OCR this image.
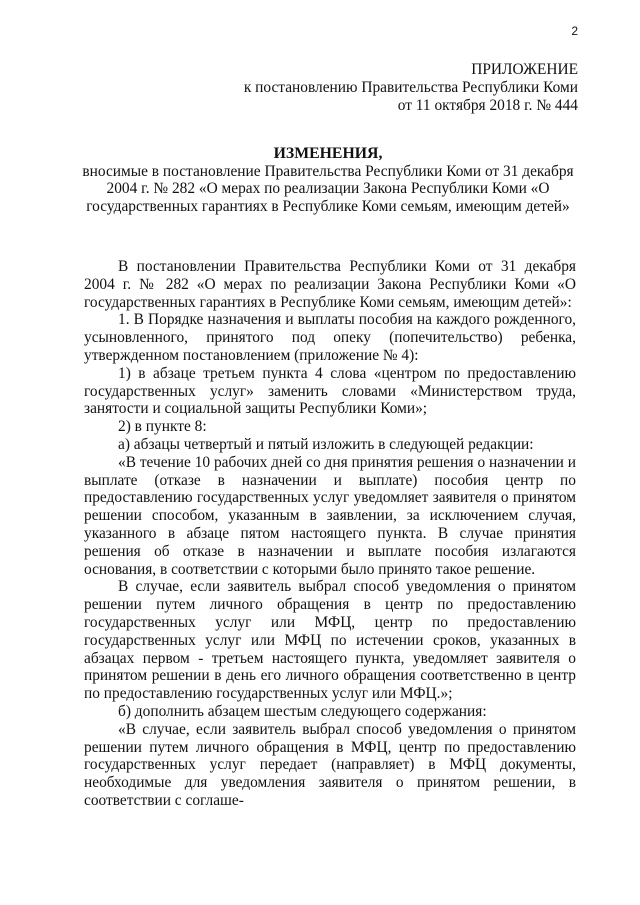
2
ПРИЛОЖЕНИЕ
к постановлению Правительства Республики Коми
от 11 октября 2018 г. № 444
ИЗМЕНЕНИЯ,
вносимые в постановление Правительства Республики Коми от 31 декабря 2004 г. № 282 «О мерах по реализации Закона Республики Коми «О государственных гарантиях в Республике Коми семьям, имеющим детей»

В постановлении Правительства Республики Коми от 31 декабря 2004 г. № 282 «О мерах по реализации Закона Республики Коми «О государственных гарантиях в Республике Коми семьям, имеющим детей»:

1. В Порядке назначения и выплаты пособия на каждого рожденного, усыновленного, принятого под опеку (попечительство) ребенка, утвержденном постановлением (приложение № 4):

1) в абзаце третьем пункта 4 слова «центром по предоставлению государственных услуг» заменить словами «Министерством труда, занятости и социальной защиты Республики Коми»;

2) в пункте 8:

а) абзацы четвертый и пятый изложить в следующей редакции:

«В течение 10 рабочих дней со дня принятия решения о назначении и выплате (отказе в назначении и выплате) пособия центр по предоставлению государственных услуг уведомляет заявителя о принятом решении способом, указанным в заявлении, за исключением случая, указанного в абзаце пятом настоящего пункта. В случае принятия решения об отказе в назначении и выплате пособия излагаются основания, в соответствии с которыми было принято такое решение.

В случае, если заявитель выбрал способ уведомления о принятом решении путем личного обращения в центр по предоставлению государственных услуг или МФЦ, центр по предоставлению государственных услуг или МФЦ по истечении сроков, указанных в абзацах первом - третьем настоящего пункта, уведомляет заявителя о принятом решении в день его личного обращения соответственно в центр по предоставлению государственных услуг или МФЦ.»;

б) дополнить абзацем шестым следующего содержания:

«В случае, если заявитель выбрал способ уведомления о принятом решении путем личного обращения в МФЦ, центр по предоставлению государственных услуг передает (направляет) в МФЦ документы, необходимые для уведомления заявителя о принятом решении, в соответствии с соглаше-
